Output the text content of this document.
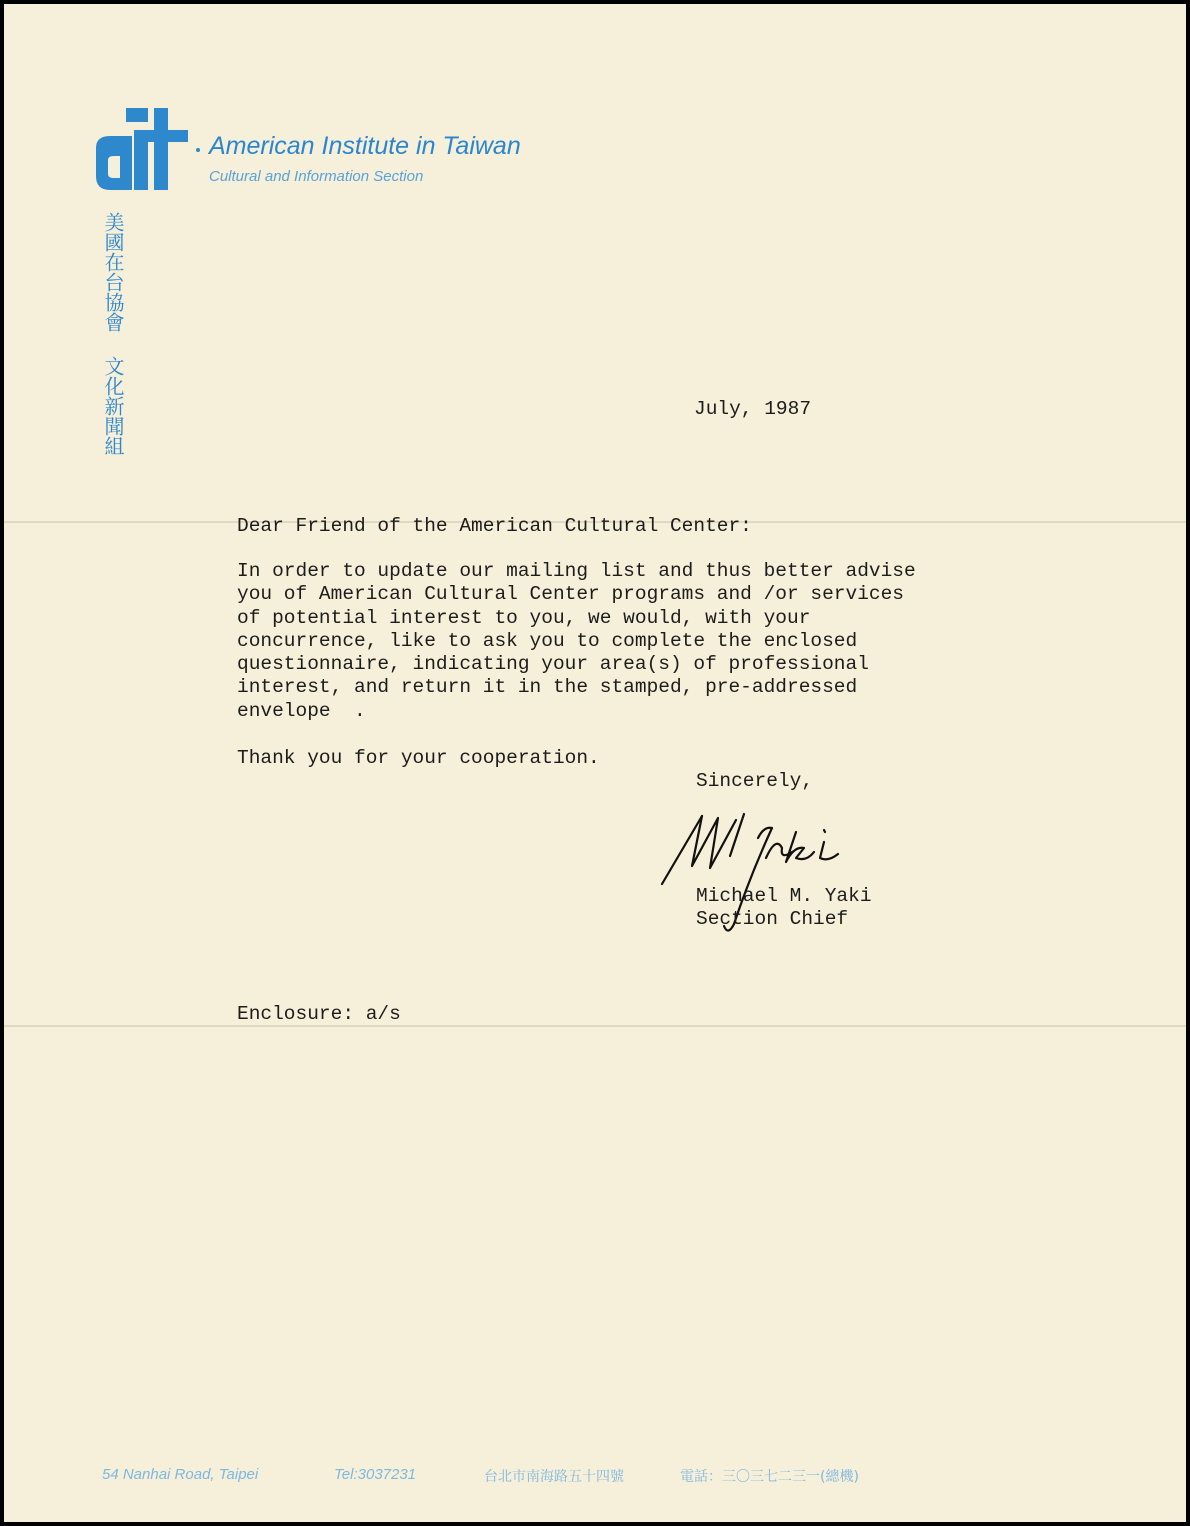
American Institute in Taiwan
Cultural and Information Section
美國在台協會 文化新聞組	July, 1987
Dear Friend of the American Cultural Center:
In order to update our mailing list and thus better advise
you of American Cultural Center programs and /or services
of potential interest to you, we would, with your
concurrence, like to ask you to complete the enclosed
questionnaire, indicating your area(s) of professional
interest, and return it in the stamped, pre-addressed
envelope  .
Thank you for your cooperation.
Sincerely,
Michael M. Yaki
Section Chief
Enclosure: a/s
54 Nanhai Road, Taipei	Tel:3037231	台北市南海路五十四號	電話：三〇三七二三一(總機)
